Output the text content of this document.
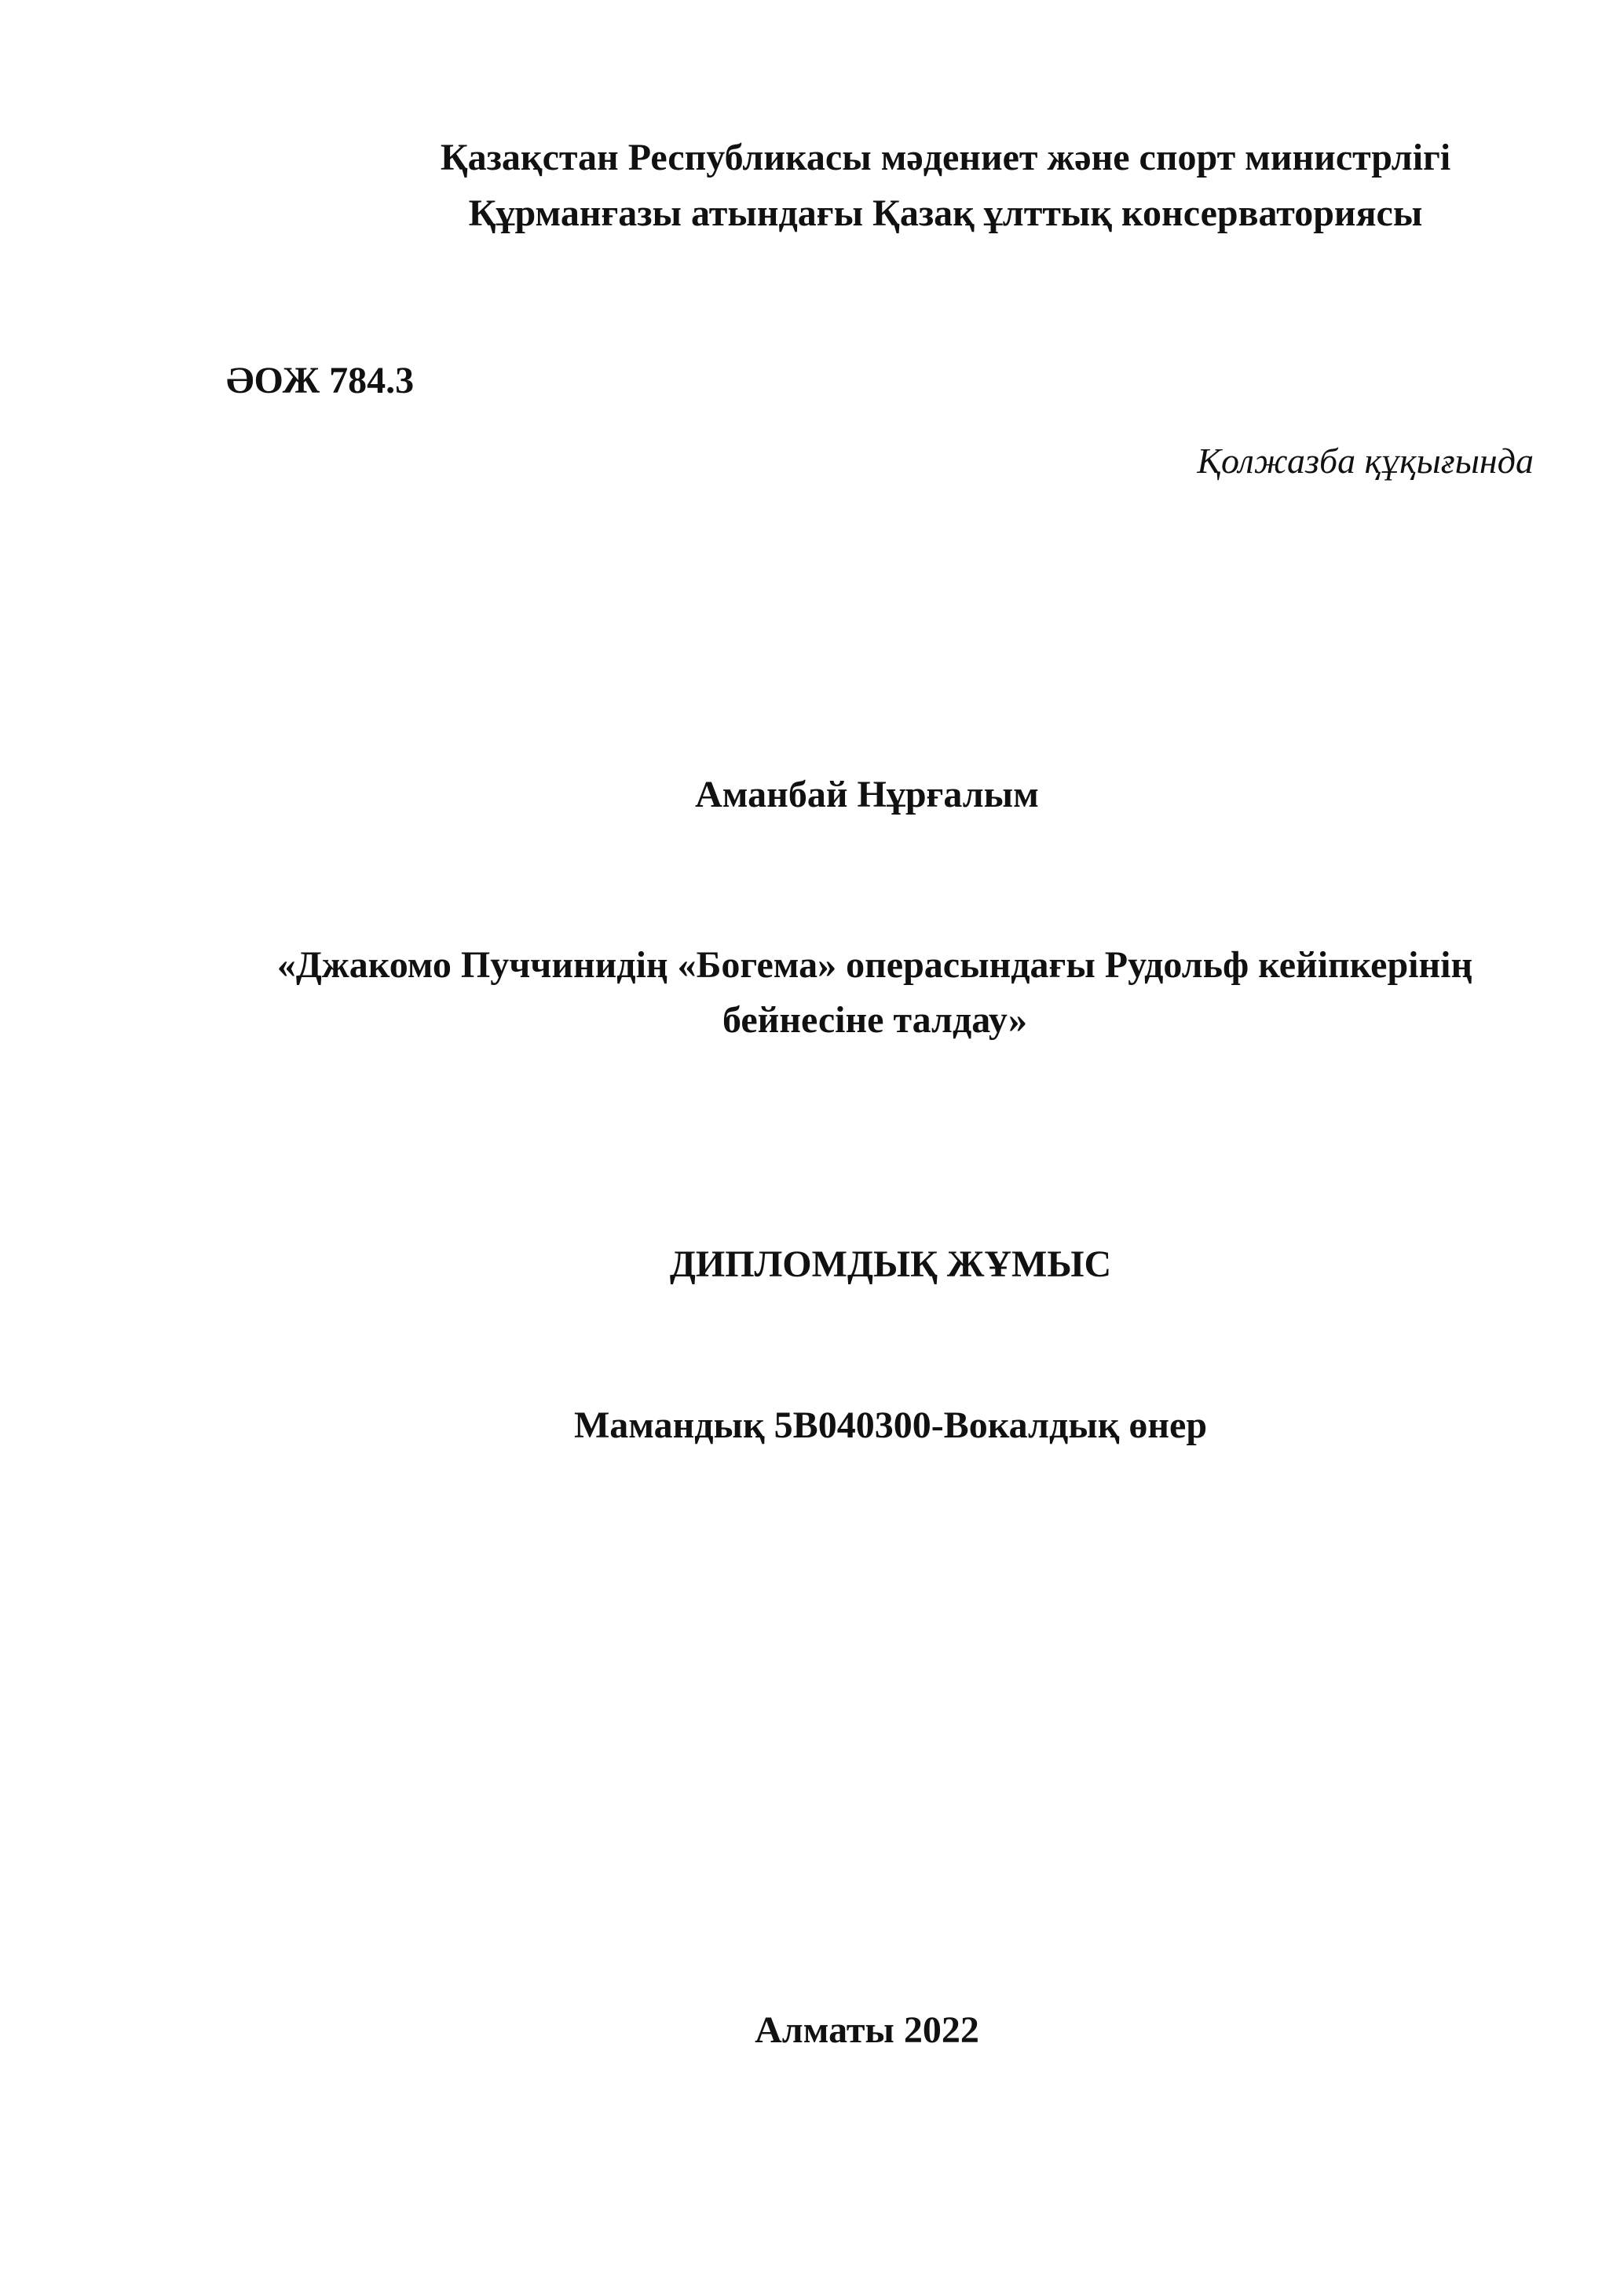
Қазақстан Республикасы мәдениет және спорт министрлігі
Құрманғазы атындағы Қазақ ұлттық консерваториясы
ӘОЖ 784.3
Қолжазба құқығында
Аманбай Нұрғалым
«Джакомо Пуччинидің «Богема» операсындағы Рудольф кейіпкерінің
бейнесіне талдау»
ДИПЛОМДЫҚ ЖҰМЫС
Мамандық 5В040300-Вокалдық өнер
Алматы 2022
